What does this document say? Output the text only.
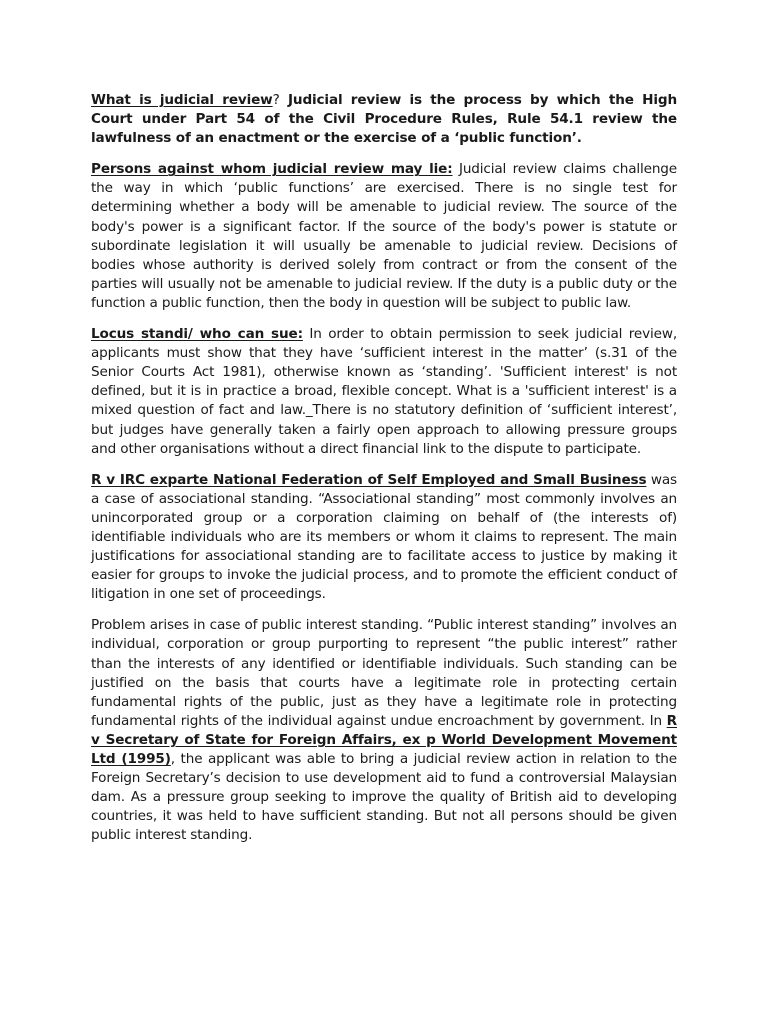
What is judicial review? Judicial review is the process by which the High Court under Part 54 of the Civil Procedure Rules, Rule 54.1 review the lawfulness of an enactment or the exercise of a ‘public function’.

Persons against whom judicial review may lie: Judicial review claims challenge the way in which ‘public functions’ are exercised. There is no single test for determining whether a body will be amenable to judicial review. The source of the body's power is a significant factor. If the source of the body's power is statute or subordinate legislation it will usually be amenable to judicial review. Decisions of bodies whose authority is derived solely from contract or from the consent of the parties will usually not be amenable to judicial review. If the duty is a public duty or the function a public function, then the body in question will be subject to public law.

Locus standi/ who can sue: In order to obtain permission to seek judicial review, applicants must show that they have ‘sufficient interest in the matter’ (s.31 of the Senior Courts Act 1981), otherwise known as ‘standing’. 'Sufficient interest' is not defined, but it is in practice a broad, flexible concept. What is a 'sufficient interest' is a mixed question of fact and law._There is no statutory definition of ‘sufficient interest’, but judges have generally taken a fairly open approach to allowing pressure groups and other organisations without a direct financial link to the dispute to participate.

R v IRC exparte National Federation of Self Employed and Small Business was a case of associational standing. “Associational standing” most commonly involves an unincorporated group or a corporation claiming on behalf of (the interests of) identifiable individuals who are its members or whom it claims to represent. The main justifications for associational standing are to facilitate access to justice by making it easier for groups to invoke the judicial process, and to promote the efficient conduct of litigation in one set of proceedings.

Problem arises in case of public interest standing. “Public interest standing” involves an individual, corporation or group purporting to represent “the public interest” rather than the interests of any identified or identifiable individuals. Such standing can be justified on the basis that courts have a legitimate role in protecting certain fundamental rights of the public, just as they have a legitimate role in protecting fundamental rights of the individual against undue encroachment by government. In R v Secretary of State for Foreign Affairs, ex p World Development Movement Ltd (1995), the applicant was able to bring a judicial review action in relation to the Foreign Secretary’s decision to use development aid to fund a controversial Malaysian dam. As a pressure group seeking to improve the quality of British aid to developing countries, it was held to have sufficient standing. But not all persons should be given public interest standing.
